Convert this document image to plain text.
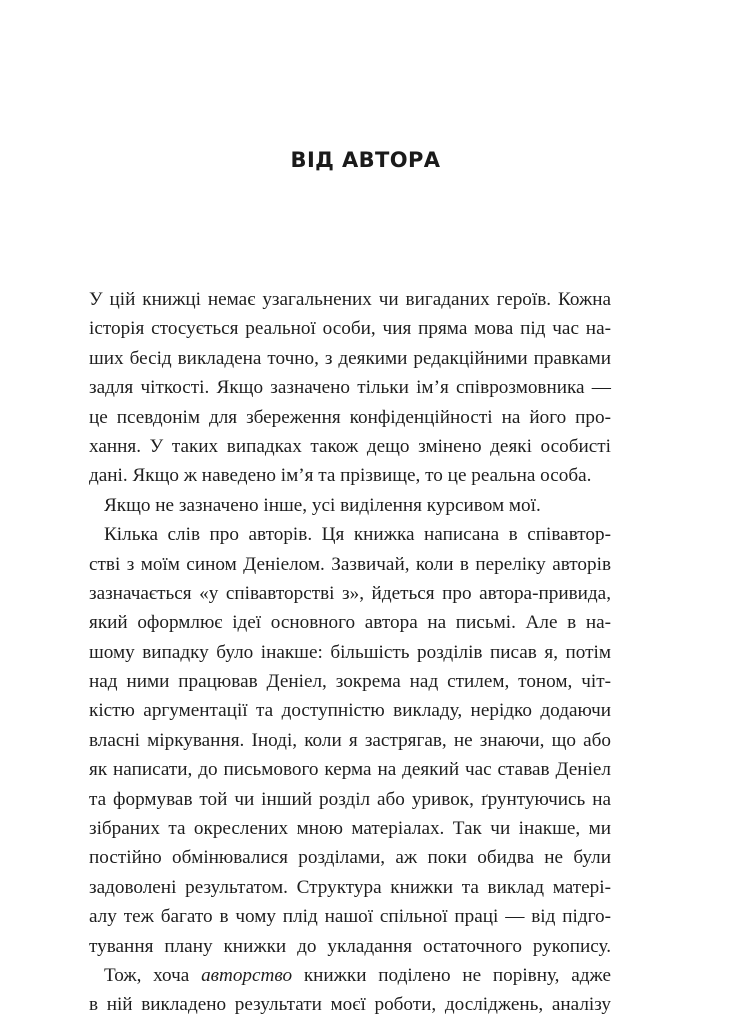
ВІД АВТОРА
У цій книжці немає узагальнених чи вигаданих героїв. Кожна
історія стосується реальної особи, чия пряма мова під час на-
ших бесід викладена точно, з деякими редакційними правками
задля чіткості. Якщо зазначено тільки ім’я співрозмовника —
це псевдонім для збереження конфіденційності на його про-
хання. У таких випадках також дещо змінено деякі особисті
дані. Якщо ж наведено ім’я та прізвище, то це реальна особа.
Якщо не зазначено інше, усі виділення курсивом мої.
Кілька слів про авторів. Ця книжка написана в співавтор-
стві з моїм сином Деніелом. Зазвичай, коли в переліку авторів
зазначається «у співавторстві з», йдеться про автора-привида,
який оформлює ідеї основного автора на письмі. Але в на-
шому випадку було інакше: більшість розділів писав я, потім
над ними працював Деніел, зокрема над стилем, тоном, чіт-
кістю аргументації та доступністю викладу, нерідко додаючи
власні міркування. Іноді, коли я застрягав, не знаючи, що або
як написати, до письмового керма на деякий час ставав Деніел
та формував той чи інший розділ або уривок, ґрунтуючись на
зібраних та окреслених мною матеріалах. Так чи інакше, ми
постійно обмінювалися розділами, аж поки обидва не були
задоволені результатом. Структура книжки та виклад матері-
алу теж багато в чому плід нашої спільної праці — від підго-
тування плану книжки до укладання остаточного рукопису.
Тож, хоча авторство книжки поділено не порівну, адже
в ній викладено результати моєї роботи, досліджень, аналізу
